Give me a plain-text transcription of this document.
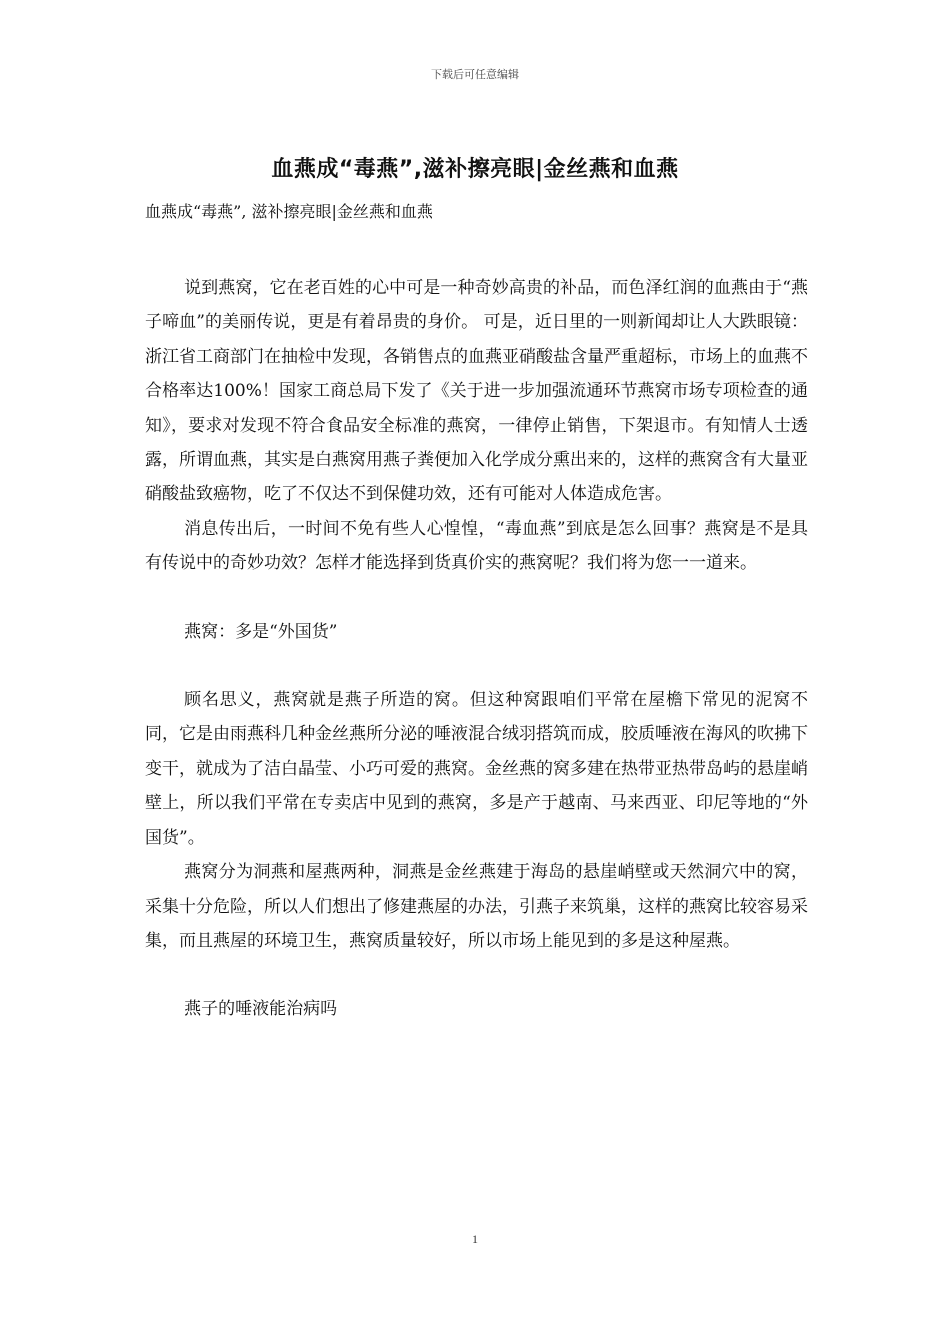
下载后可任意编辑
血燕成“毒燕”,滋补擦亮眼|金丝燕和血燕
血燕成“毒燕”, 滋补擦亮眼|金丝燕和血燕

说到燕窝，它在老百姓的心中可是一种奇妙高贵的补品，而色泽红润的血燕由于“燕子啼血”的美丽传说，更是有着昂贵的身价。 可是，近日里的一则新闻却让人大跌眼镜：浙江省工商部门在抽检中发现，各销售点的血燕亚硝酸盐含量严重超标，市场上的血燕不合格率达100%！国家工商总局下发了《关于进一步加强流通环节燕窝市场专项检查的通知》，要求对发现不符合食品安全标准的燕窝，一律停止销售，下架退市。有知情人士透露，所谓血燕，其实是白燕窝用燕子粪便加入化学成分熏出来的，这样的燕窝含有大量亚硝酸盐致癌物，吃了不仅达不到保健功效，还有可能对人体造成危害。

消息传出后，一时间不免有些人心惶惶，“毒血燕”到底是怎么回事？燕窝是不是具有传说中的奇妙功效？怎样才能选择到货真价实的燕窝呢？我们将为您一一道来。

燕窝：多是“外国货”

顾名思义，燕窝就是燕子所造的窝。但这种窝跟咱们平常在屋檐下常见的泥窝不同，它是由雨燕科几种金丝燕所分泌的唾液混合绒羽搭筑而成，胶质唾液在海风的吹拂下变干，就成为了洁白晶莹、小巧可爱的燕窝。金丝燕的窝多建在热带亚热带岛屿的悬崖峭壁上，所以我们平常在专卖店中见到的燕窝，多是产于越南、马来西亚、印尼等地的“外国货”。

燕窝分为洞燕和屋燕两种，洞燕是金丝燕建于海岛的悬崖峭壁或天然洞穴中的窝，采集十分危险，所以人们想出了修建燕屋的办法，引燕子来筑巢，这样的燕窝比较容易采集，而且燕屋的环境卫生，燕窝质量较好，所以市场上能见到的多是这种屋燕。

燕子的唾液能治病吗

1
